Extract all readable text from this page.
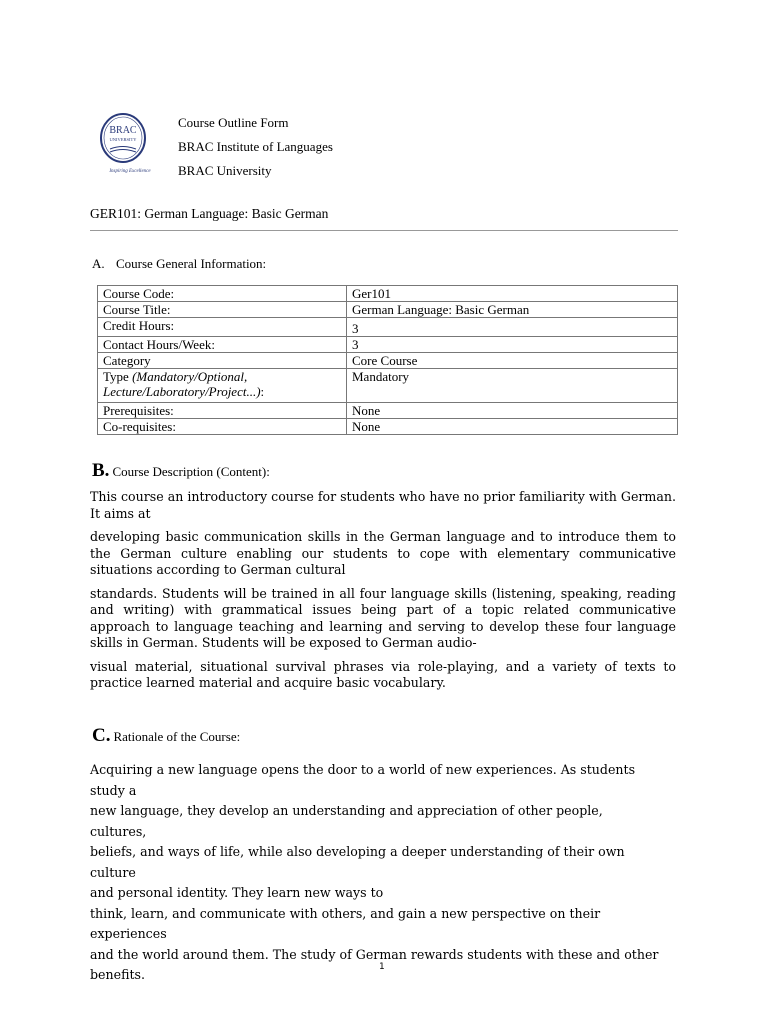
BRAC
UNIVERSITY
Inspiring Excellence
Course Outline Form
BRAC Institute of Languages
BRAC University
GER101: German Language: Basic German
A. Course General Information:
Course Code:	Ger101
Course Title:	German Language: Basic German
Credit Hours:	3
Contact Hours/Week:	3
Category	Core Course
Type (Mandatory/Optional, Lecture/Laboratory/Project...):	Mandatory
Prerequisites:	None
Co-requisites:	None
B. Course Description (Content):

This course an introductory course for students who have no prior familiarity with German. It aims at

developing basic communication skills in the German language and to introduce them to the German culture enabling our students to cope with elementary communicative situations according to German cultural

standards. Students will be trained in all four language skills (listening, speaking, reading and writing) with grammatical issues being part of a topic related communicative approach to language teaching and learning and serving to develop these four language skills in German. Students will be exposed to German audio-

visual material, situational survival phrases via role-playing, and a variety of texts to practice learned material and acquire basic vocabulary.

C. Rationale of the Course:

Acquiring a new language opens the door to a world of new experiences. As students study a

new language, they develop an understanding and appreciation of other people, cultures,

beliefs, and ways of life, while also developing a deeper understanding of their own culture

and personal identity. They learn new ways to

think, learn, and communicate with others, and gain a new perspective on their experiences

and the world around them. The study of German rewards students with these and other

benefits.	1
